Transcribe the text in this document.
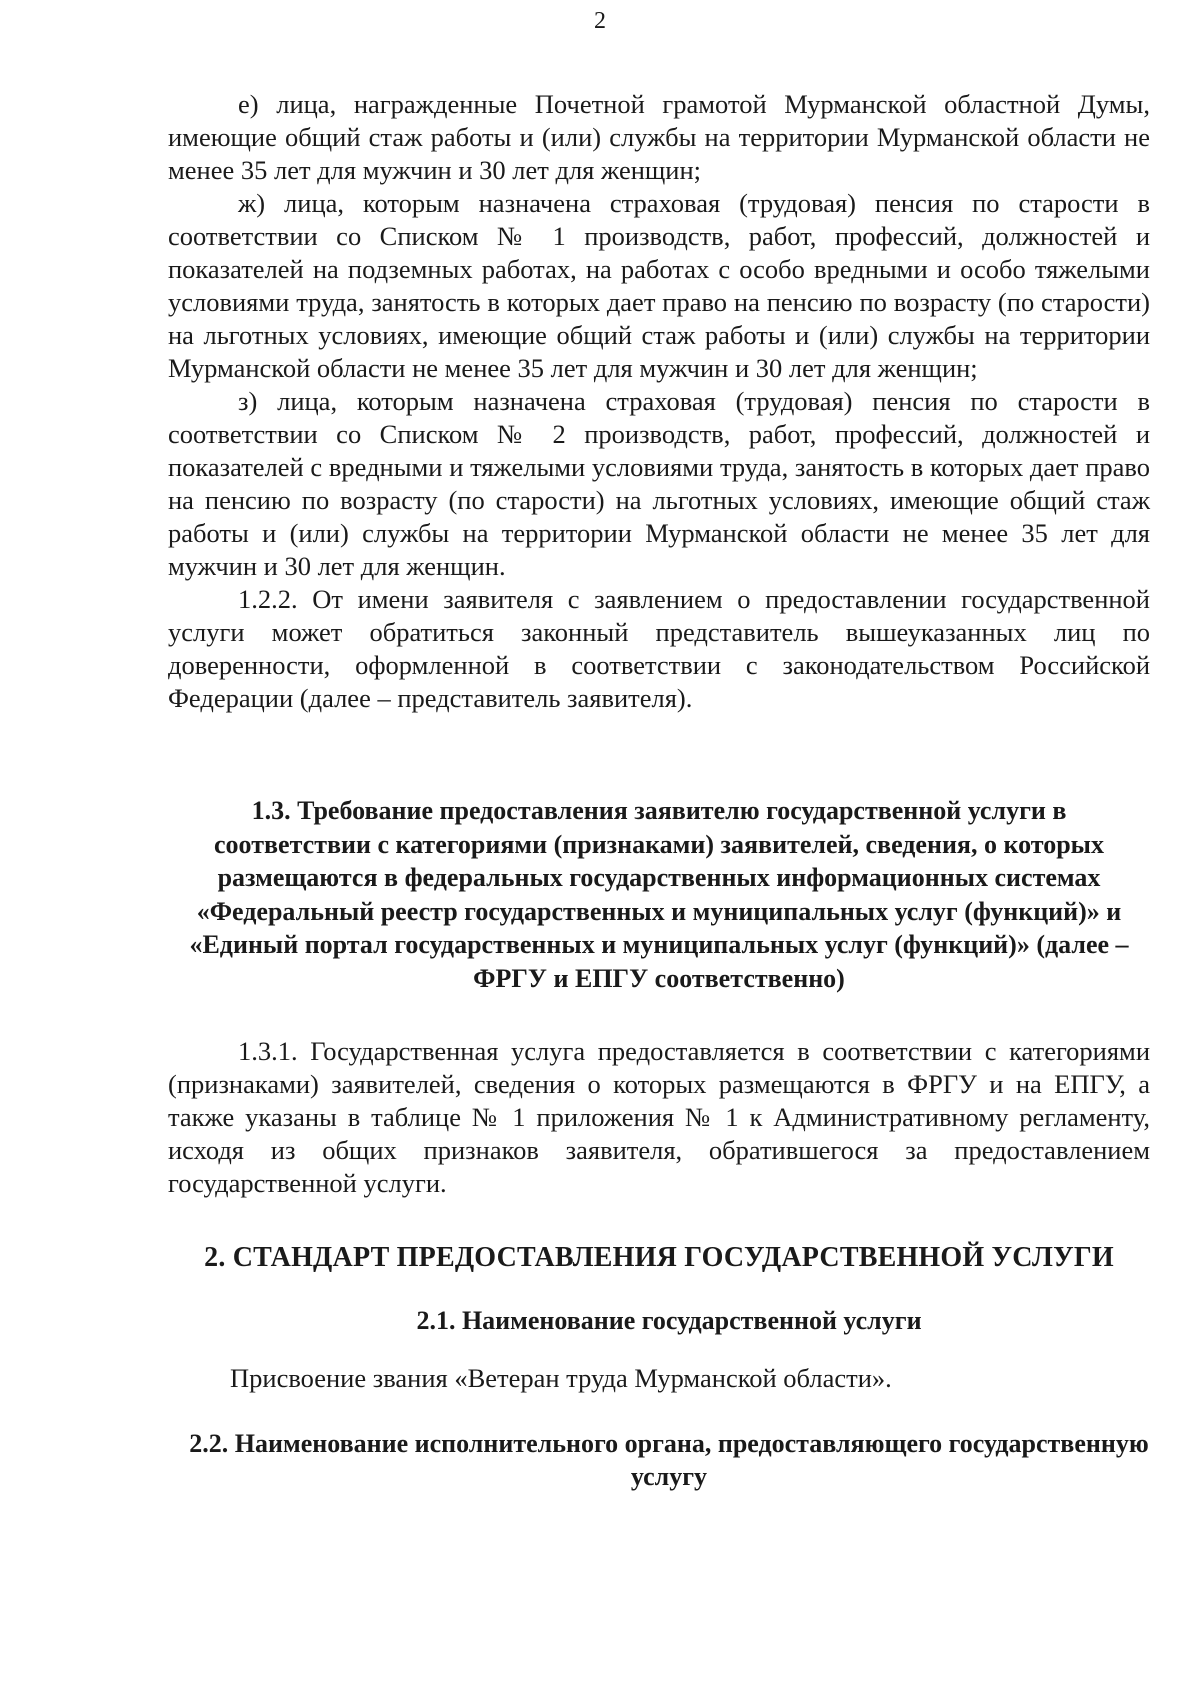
2

е) лица, награжденные Почетной грамотой Мурманской областной Думы, имеющие общий стаж работы и (или) службы на территории Мурманской области не менее 35 лет для мужчин и 30 лет для женщин;

ж) лица, которым назначена страховая (трудовая) пенсия по старости в соответствии со Списком № 1 производств, работ, профессий, должностей и показателей на подземных работах, на работах с особо вредными и особо тяжелыми условиями труда, занятость в которых дает право на пенсию по возрасту (по старости) на льготных условиях, имеющие общий стаж работы и (или) службы на территории Мурманской области не менее 35 лет для мужчин и 30 лет для женщин;

з) лица, которым назначена страховая (трудовая) пенсия по старости в соответствии со Списком № 2 производств, работ, профессий, должностей и показателей с вредными и тяжелыми условиями труда, занятость в которых дает право на пенсию по возрасту (по старости) на льготных условиях, имеющие общий стаж работы и (или) службы на территории Мурманской области не менее 35 лет для мужчин и 30 лет для женщин.

1.2.2. От имени заявителя с заявлением о предоставлении государственной услуги может обратиться законный представитель вышеуказанных лиц по доверенности, оформленной в соответствии с законодательством Российской Федерации (далее – представитель заявителя).

1.3. Требование предоставления заявителю государственной услуги в соответствии с категориями (признаками) заявителей, сведения, о которых размещаются в федеральных государственных информационных системах «Федеральный реестр государственных и муниципальных услуг (функций)» и «Единый портал государственных и муниципальных услуг (функций)» (далее – ФРГУ и ЕПГУ соответственно)

1.3.1. Государственная услуга предоставляется в соответствии с категориями (признаками) заявителей, сведения о которых размещаются в ФРГУ и на ЕПГУ, а также указаны в таблице № 1 приложения № 1 к Административному регламенту, исходя из общих признаков заявителя, обратившегося за предоставлением государственной услуги.

2. СТАНДАРТ ПРЕДОСТАВЛЕНИЯ ГОСУДАРСТВЕННОЙ УСЛУГИ
2.1. Наименование государственной услуги

Присвоение звания «Ветеран труда Мурманской области».

2.2. Наименование исполнительного органа, предоставляющего государственную услугу
